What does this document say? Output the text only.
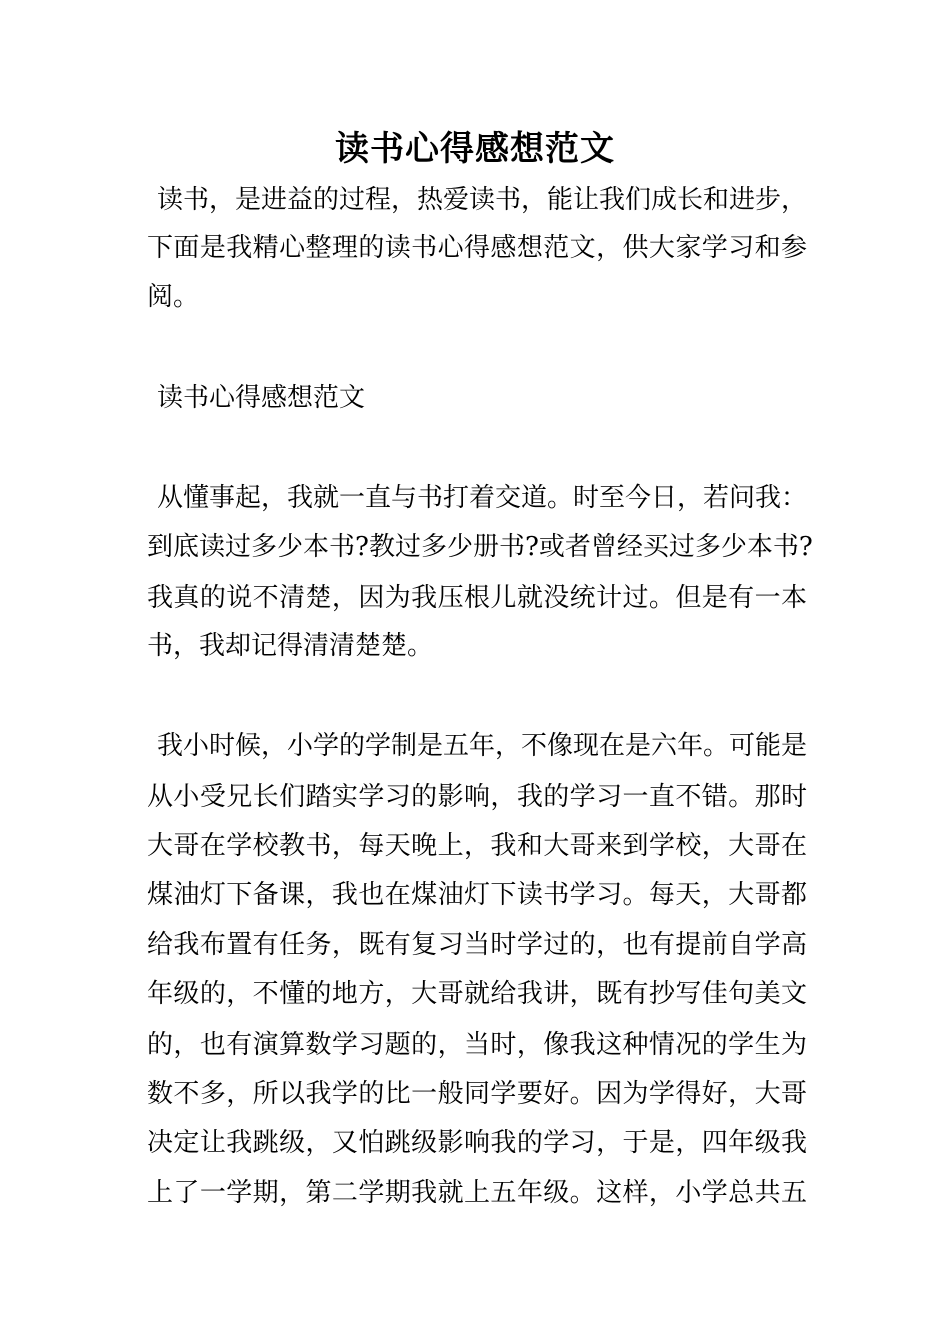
读书心得感想范文
读书，是进益的过程，热爱读书，能让我们成长和进步，
下面是我精心整理的读书心得感想范文，供大家学习和参
阅。
读书心得感想范文
从懂事起，我就一直与书打着交道。时至今日，若问我：
到底读过多少本书?教过多少册书?或者曾经买过多少本书?
我真的说不清楚，因为我压根儿就没统计过。但是有一本
书，我却记得清清楚楚。
我小时候，小学的学制是五年，不像现在是六年。可能是
从小受兄长们踏实学习的影响，我的学习一直不错。那时
大哥在学校教书，每天晚上，我和大哥来到学校，大哥在
煤油灯下备课，我也在煤油灯下读书学习。每天，大哥都
给我布置有任务，既有复习当时学过的，也有提前自学高
年级的，不懂的地方，大哥就给我讲，既有抄写佳句美文
的，也有演算数学习题的，当时，像我这种情况的学生为
数不多，所以我学的比一般同学要好。因为学得好，大哥
决定让我跳级，又怕跳级影响我的学习，于是，四年级我
上了一学期，第二学期我就上五年级。这样，小学总共五
